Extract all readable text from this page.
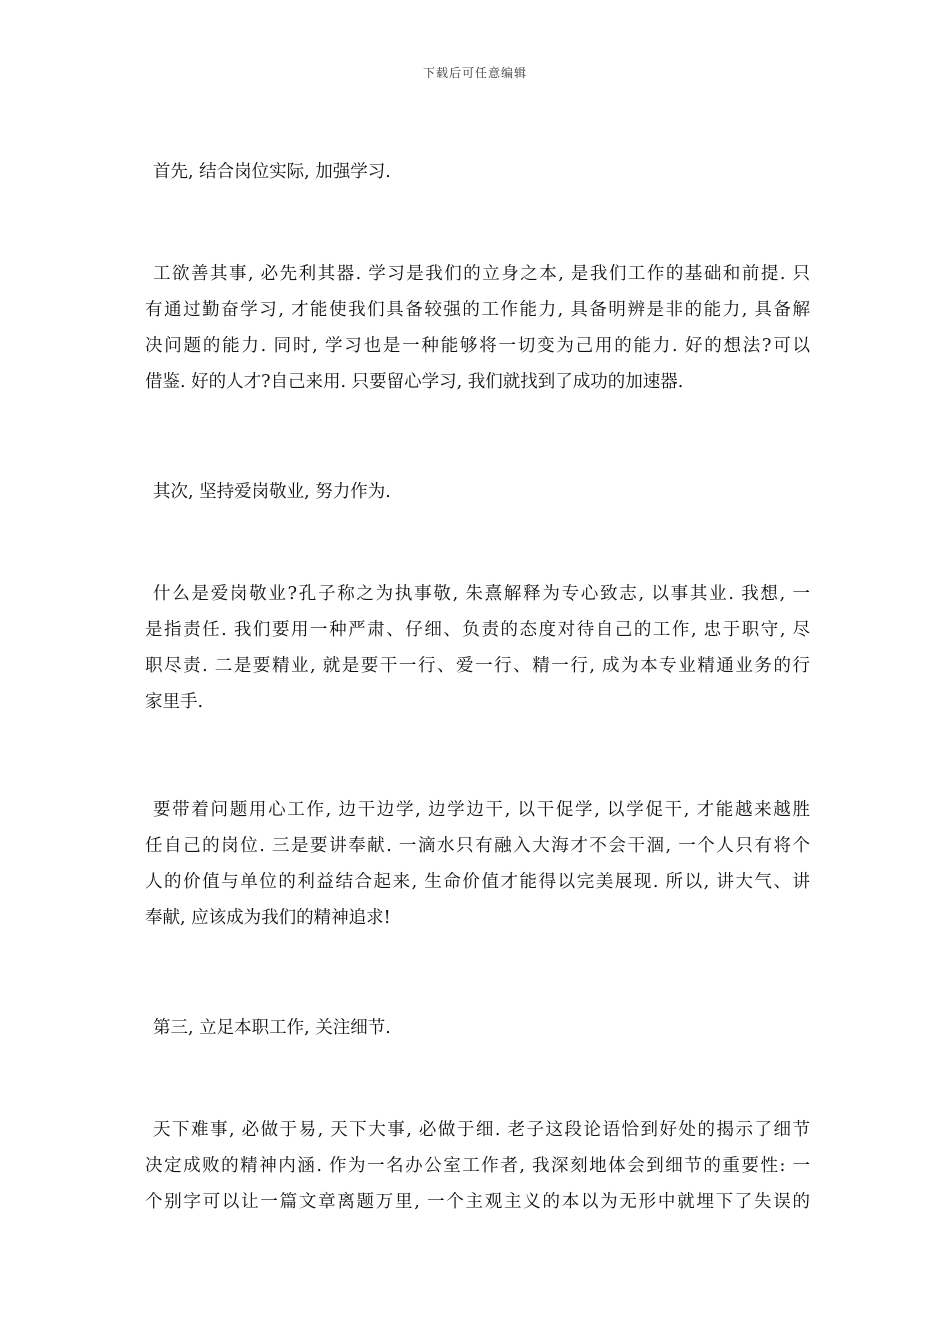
下载后可任意编辑
首先, 结合岗位实际, 加强学习.
工欲善其事, 必先利其器. 学习是我们的立身之本, 是我们工作的基础和前提. 只
有通过勤奋学习, 才能使我们具备较强的工作能力, 具备明辨是非的能力, 具备解
决问题的能力. 同时, 学习也是一种能够将一切变为己用的能力. 好的想法?可以
借鉴. 好的人才?自己来用. 只要留心学习, 我们就找到了成功的加速器.
其次, 坚持爱岗敬业, 努力作为.
什么是爱岗敬业?孔子称之为执事敬, 朱熹解释为专心致志, 以事其业. 我想, 一
是指责任. 我们要用一种严肃、仔细、负责的态度对待自己的工作, 忠于职守, 尽
职尽责. 二是要精业, 就是要干一行、爱一行、精一行, 成为本专业精通业务的行
家里手.
要带着问题用心工作, 边干边学, 边学边干, 以干促学, 以学促干, 才能越来越胜
任自己的岗位. 三是要讲奉献. 一滴水只有融入大海才不会干涸, 一个人只有将个
人的价值与单位的利益结合起来, 生命价值才能得以完美展现. 所以, 讲大气、讲
奉献, 应该成为我们的精神追求!
第三, 立足本职工作, 关注细节.
天下难事, 必做于易, 天下大事, 必做于细. 老子这段论语恰到好处的揭示了细节
决定成败的精神内涵. 作为一名办公室工作者, 我深刻地体会到细节的重要性: 一
个别字可以让一篇文章离题万里, 一个主观主义的本以为无形中就埋下了失误的
